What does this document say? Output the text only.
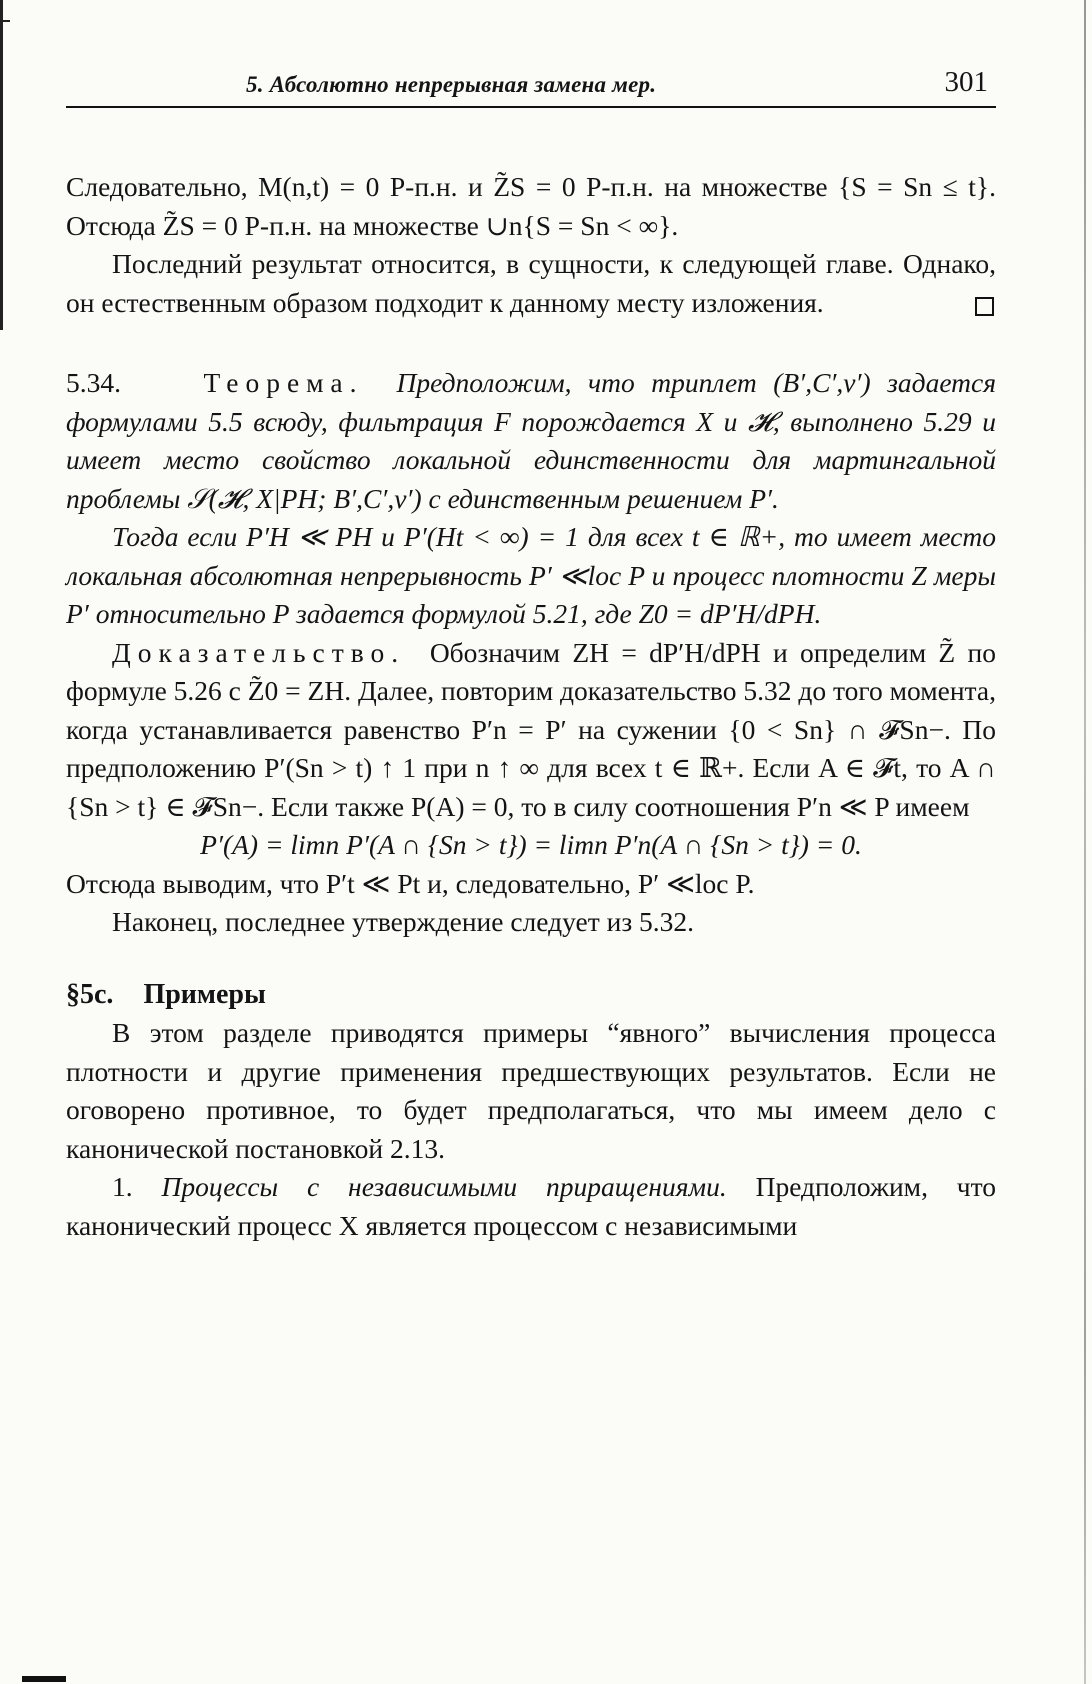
5. Абсолютно непрерывная замена мер.	301

Следовательно, M(n,t) = 0 P-п.н. и Z̃S = 0 P-п.н. на множестве {S = Sn ≤ t}. Отсюда Z̃S = 0 P-п.н. на множестве ∪n{S = Sn < ∞}.

Последний результат относится, в сущности, к следующей главе. Однако, он естественным образом подходит к данному месту изложения.

5.34.	Теорема. Предположим, что триплет (B′,C′,ν′) задается формулами 5.5 всюду, фильтрация F порождается X и 𝓗, выполнено 5.29 и имеет место свойство локальной единственности для мартингальной проблемы 𝒮(𝓗, X|PH; B′,C′,ν′) с единственным решением P′.

Тогда если P′H ≪ PH и P′(Ht < ∞) = 1 для всех t ∈ ℝ+, то имеет место локальная абсолютная непрерывность P′ ≪loc P и процесс плотности Z меры P′ относительно P задается формулой 5.21, где Z0 = dP′H/dPH.

Доказательство. Обозначим ZH = dP′H/dPH и определим Z̃ по формуле 5.26 с Z̃0 = ZH. Далее, повторим доказательство 5.32 до того момента, когда устанавливается равенство P′n = P′ на сужении {0 < Sn} ∩ 𝓕Sn−. По предположению P′(Sn > t) ↑ 1 при n ↑ ∞ для всех t ∈ ℝ+. Если A ∈ 𝓕t, то A ∩ {Sn > t} ∈ 𝓕Sn−. Если также P(A) = 0, то в силу соотношения P′n ≪ P имеем

P′(A) = limn P′(A ∩ {Sn > t}) = limn P′n(A ∩ {Sn > t}) = 0.

Отсюда выводим, что P′t ≪ Pt и, следовательно, P′ ≪loc P.

Наконец, последнее утверждение следует из 5.32.

§5c. Примеры

В этом разделе приводятся примеры “явного” вычисления процесса плотности и другие применения предшествующих результатов. Если не оговорено противное, то будет предполагаться, что мы имеем дело с канонической постановкой 2.13.

1. Процессы с независимыми приращениями. Предположим, что канонический процесс X является процессом с независимыми
